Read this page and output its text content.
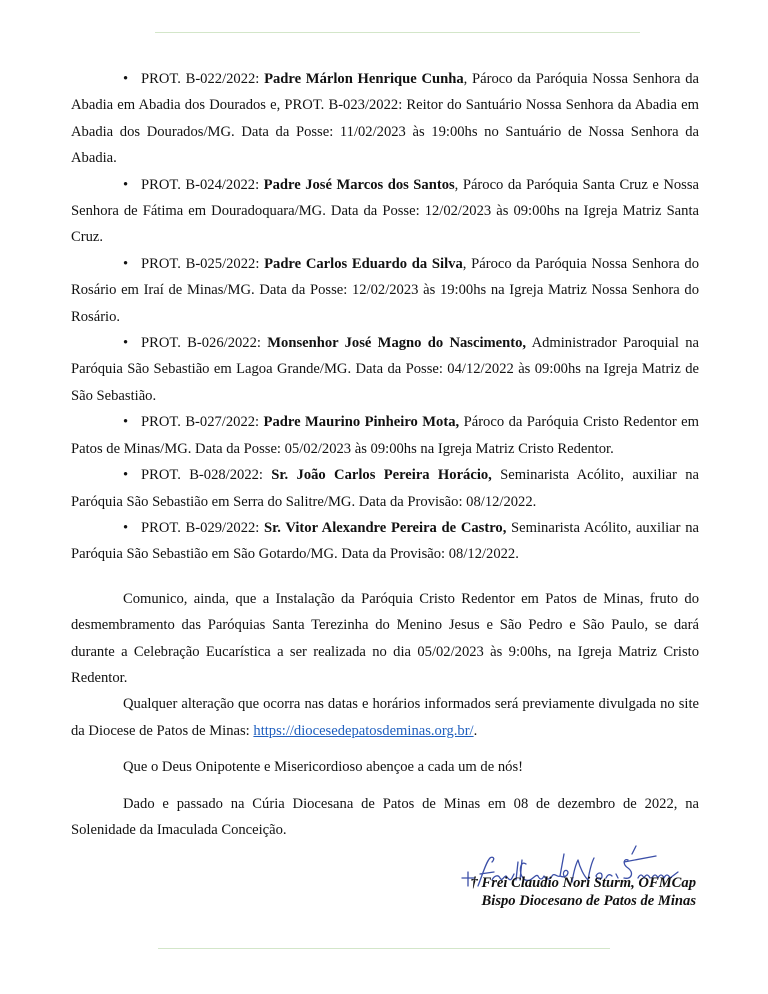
• PROT. B-022/2022: Padre Márlon Henrique Cunha, Pároco da Paróquia Nossa Senhora da Abadia em Abadia dos Dourados e, PROT. B-023/2022: Reitor do Santuário Nossa Senhora da Abadia em Abadia dos Dourados/MG. Data da Posse: 11/02/2023 às 19:00hs no Santuário de Nossa Senhora da Abadia.

• PROT. B-024/2022: Padre José Marcos dos Santos, Pároco da Paróquia Santa Cruz e Nossa Senhora de Fátima em Douradoquara/MG. Data da Posse: 12/02/2023 às 09:00hs na Igreja Matriz Santa Cruz.

• PROT. B-025/2022: Padre Carlos Eduardo da Silva, Pároco da Paróquia Nossa Senhora do Rosário em Iraí de Minas/MG. Data da Posse: 12/02/2023 às 19:00hs na Igreja Matriz Nossa Senhora do Rosário.

• PROT. B-026/2022: Monsenhor José Magno do Nascimento, Administrador Paroquial na Paróquia São Sebastião em Lagoa Grande/MG. Data da Posse: 04/12/2022 às 09:00hs na Igreja Matriz de São Sebastião.

• PROT. B-027/2022: Padre Maurino Pinheiro Mota, Pároco da Paróquia Cristo Redentor em Patos de Minas/MG. Data da Posse: 05/02/2023 às 09:00hs na Igreja Matriz Cristo Redentor.

• PROT. B-028/2022: Sr. João Carlos Pereira Horácio, Seminarista Acólito, auxiliar na Paróquia São Sebastião em Serra do Salitre/MG. Data da Provisão: 08/12/2022.

• PROT. B-029/2022: Sr. Vitor Alexandre Pereira de Castro, Seminarista Acólito, auxiliar na Paróquia São Sebastião em São Gotardo/MG. Data da Provisão: 08/12/2022.

Comunico, ainda, que a Instalação da Paróquia Cristo Redentor em Patos de Minas, fruto do desmembramento das Paróquias Santa Terezinha do Menino Jesus e São Pedro e São Paulo, se dará durante a Celebração Eucarística a ser realizada no dia 05/02/2023 às 9:00hs, na Igreja Matriz Cristo Redentor.

Qualquer alteração que ocorra nas datas e horários informados será previamente divulgada no site da Diocese de Patos de Minas: https://diocesedepatosdeminas.org.br/.

Que o Deus Onipotente e Misericordioso abençoe a cada um de nós!

Dado e passado na Cúria Diocesana de Patos de Minas em 08 de dezembro de 2022, na Solenidade da Imaculada Conceição.

† Frei Claudio Nori Sturm, OFMCap
Bispo Diocesano de Patos de Minas
